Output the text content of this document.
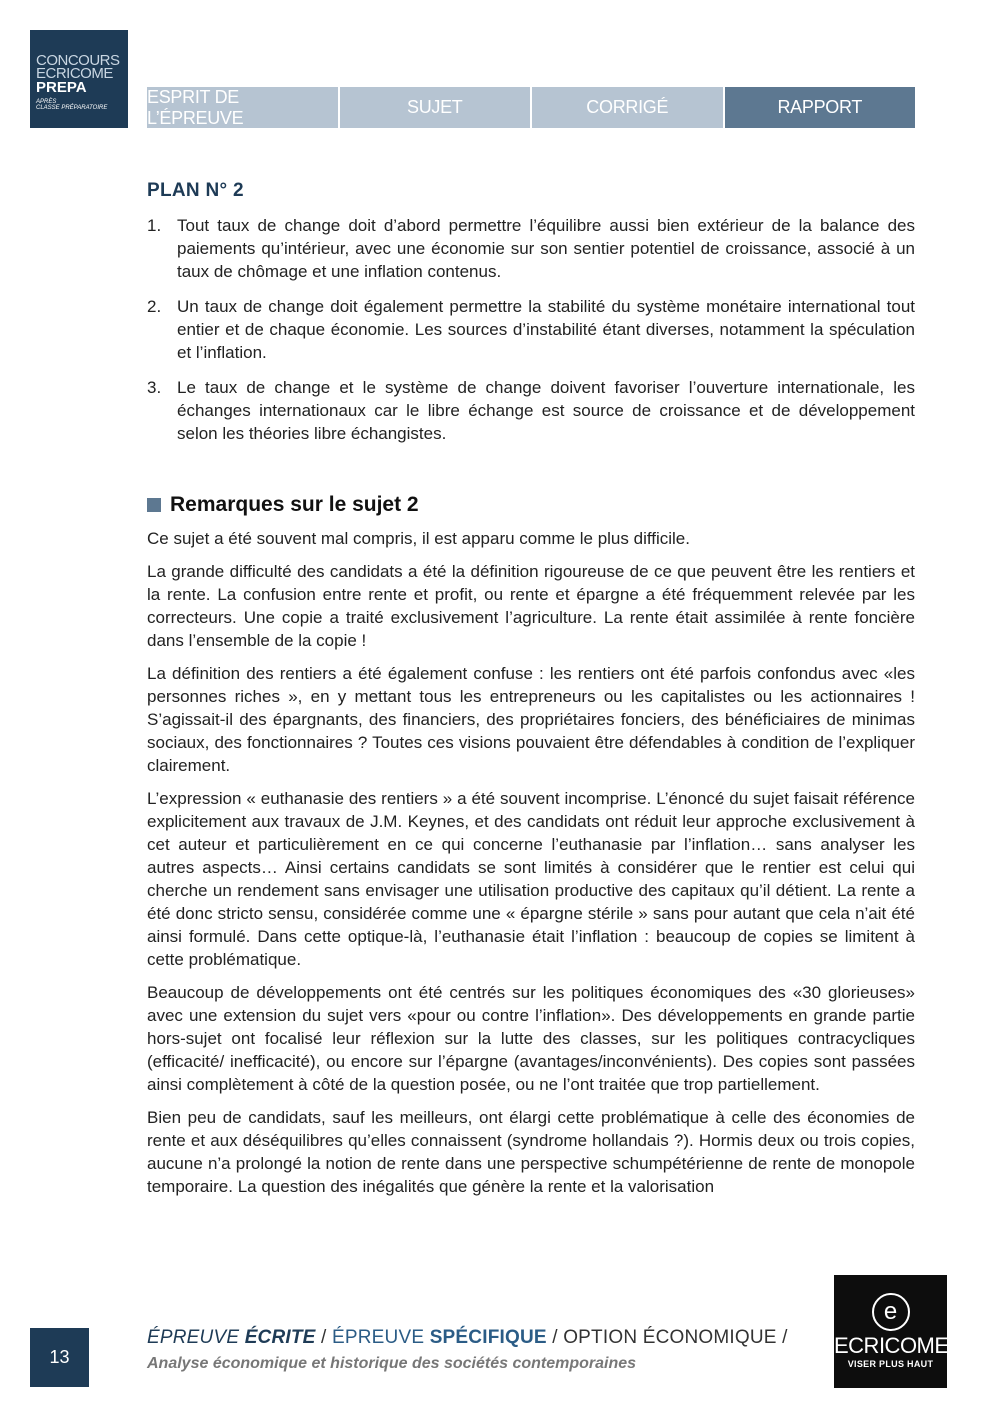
CONCOURS
ECRICOME
PREPA
APRÈS
CLASSE PRÉPARATOIRE
ESPRIT DE L’ÉPREUVE
SUJET	CORRIGÉ	RAPPORT
PLAN N° 2
1. Tout taux de change doit d’abord permettre l’équilibre aussi bien extérieur de la balance des paiements qu’intérieur, avec une économie sur son sentier potentiel de croissance, associé à un taux de chômage et une inflation contenus.
2. Un taux de change doit également permettre la stabilité du système monétaire international tout entier et de chaque économie. Les sources d’instabilité étant diverses, notamment la spéculation et l’inflation.
3. Le taux de change et le système de change doivent favoriser l’ouverture internationale, les échanges internationaux car le libre échange est source de croissance et de développement selon les théories libre échangistes.
Remarques sur le sujet 2

Ce sujet a été souvent mal compris, il est apparu comme le plus difficile.

La grande difficulté des candidats a été la définition rigoureuse de ce que peuvent être les rentiers et la rente. La confusion entre rente et profit, ou rente et épargne a été fréquemment relevée par les correcteurs. Une copie a traité exclusivement l’agriculture. La rente était assimilée à rente foncière dans l’ensemble de la copie !

La définition des rentiers a été également confuse : les rentiers ont été parfois confondus avec «les personnes riches », en y mettant tous les entrepreneurs ou les capitalistes ou les actionnaires ! S’agissait-il des épargnants, des financiers, des propriétaires fonciers, des bénéficiaires de minimas sociaux, des fonctionnaires ? Toutes ces visions pouvaient être défendables à condition de l’expliquer clairement.

L’expression « euthanasie des rentiers » a été souvent incomprise. L’énoncé du sujet faisait référence explicitement aux travaux de J.M. Keynes, et des candidats ont réduit leur approche exclusivement à cet auteur et particulièrement en ce qui concerne l’euthanasie par l’inflation… sans analyser les autres aspects… Ainsi certains candidats se sont limités à considérer que le rentier est celui qui cherche un rendement sans envisager une utilisation productive des capitaux qu’il détient. La rente a été donc stricto sensu, considérée comme une « épargne stérile » sans pour autant que cela n’ait été ainsi formulé. Dans cette optique-là, l’euthanasie était l’inflation : beaucoup de copies se limitent à cette problématique.

Beaucoup de développements ont été centrés sur les politiques économiques des «30 glorieuses» avec une extension du sujet vers «pour ou contre l’inflation». Des développements en grande partie hors-sujet ont focalisé leur réflexion sur la lutte des classes, sur les politiques contracycliques (efficacité/ inefficacité), ou encore sur l’épargne (avantages/inconvénients). Des copies sont passées ainsi complètement à côté de la question posée, ou ne l’ont traitée que trop partiellement.

Bien peu de candidats, sauf les meilleurs, ont élargi cette problématique à celle des économies de rente et aux déséquilibres qu’elles connaissent (syndrome hollandais ?). Hormis deux ou trois copies, aucune n’a prolongé la notion de rente dans une perspective schumpétérienne de rente de monopole temporaire. La question des inégalités que génère la rente et la valorisation

13
ÉPREUVE ÉCRITE / ÉPREUVE SPÉCIFIQUE / OPTION ÉCONOMIQUE /
Analyse économique et historique des sociétés contemporaines
e
ECRICOME
VISER PLUS HAUT
